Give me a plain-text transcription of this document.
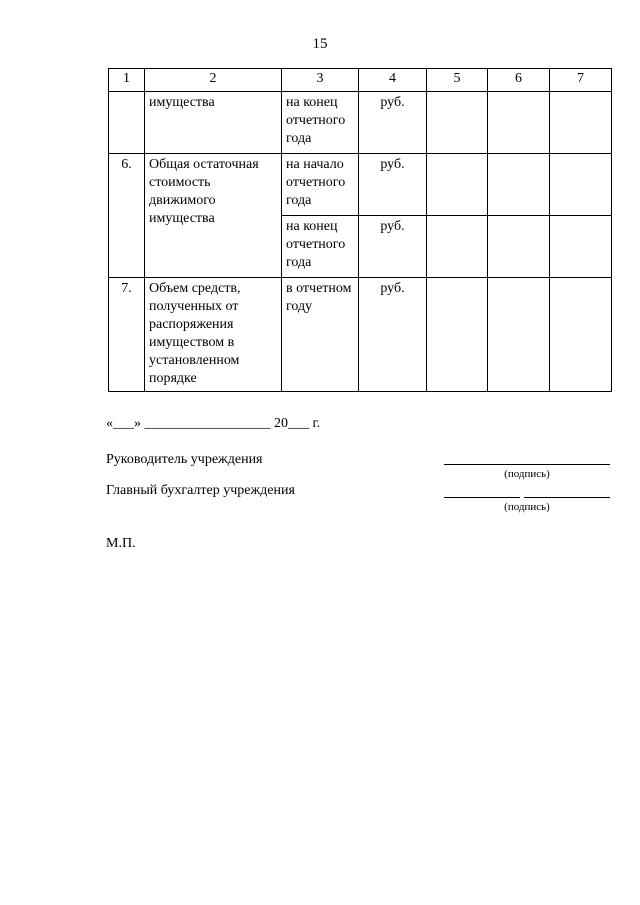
15
1	2	3	4	5	6	7
	имущества	на конец отчетного года	руб.			
6.	Общая остаточная стоимость движимого имущества	на начало отчетного года	руб.			
		на конец отчетного года	руб.			
7.	Объем средств, полученных от распоряжения имуществом в установленном порядке	в отчетном году	руб.			
«___» __________________ 20___ г.
Руководитель учреждения
(подпись)
Главный бухгалтер учреждения
(подпись)
М.П.
